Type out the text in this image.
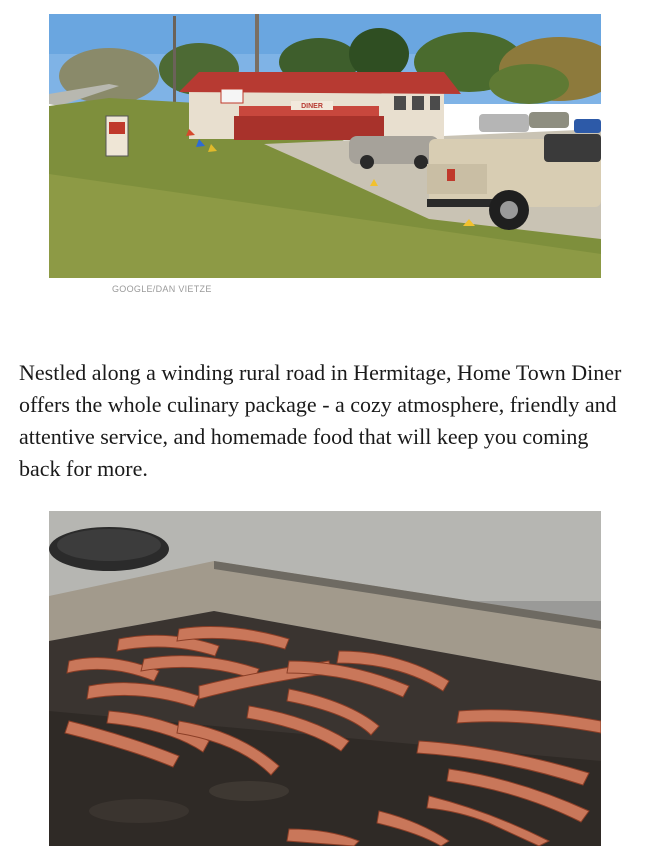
DINER
GOOGLE/DAN VIETZE

Nestled along a winding rural road in Hermitage, Home Town Diner offers the whole culinary package - a cozy atmosphere, friendly and attentive service, and homemade food that will keep you coming back for more.
